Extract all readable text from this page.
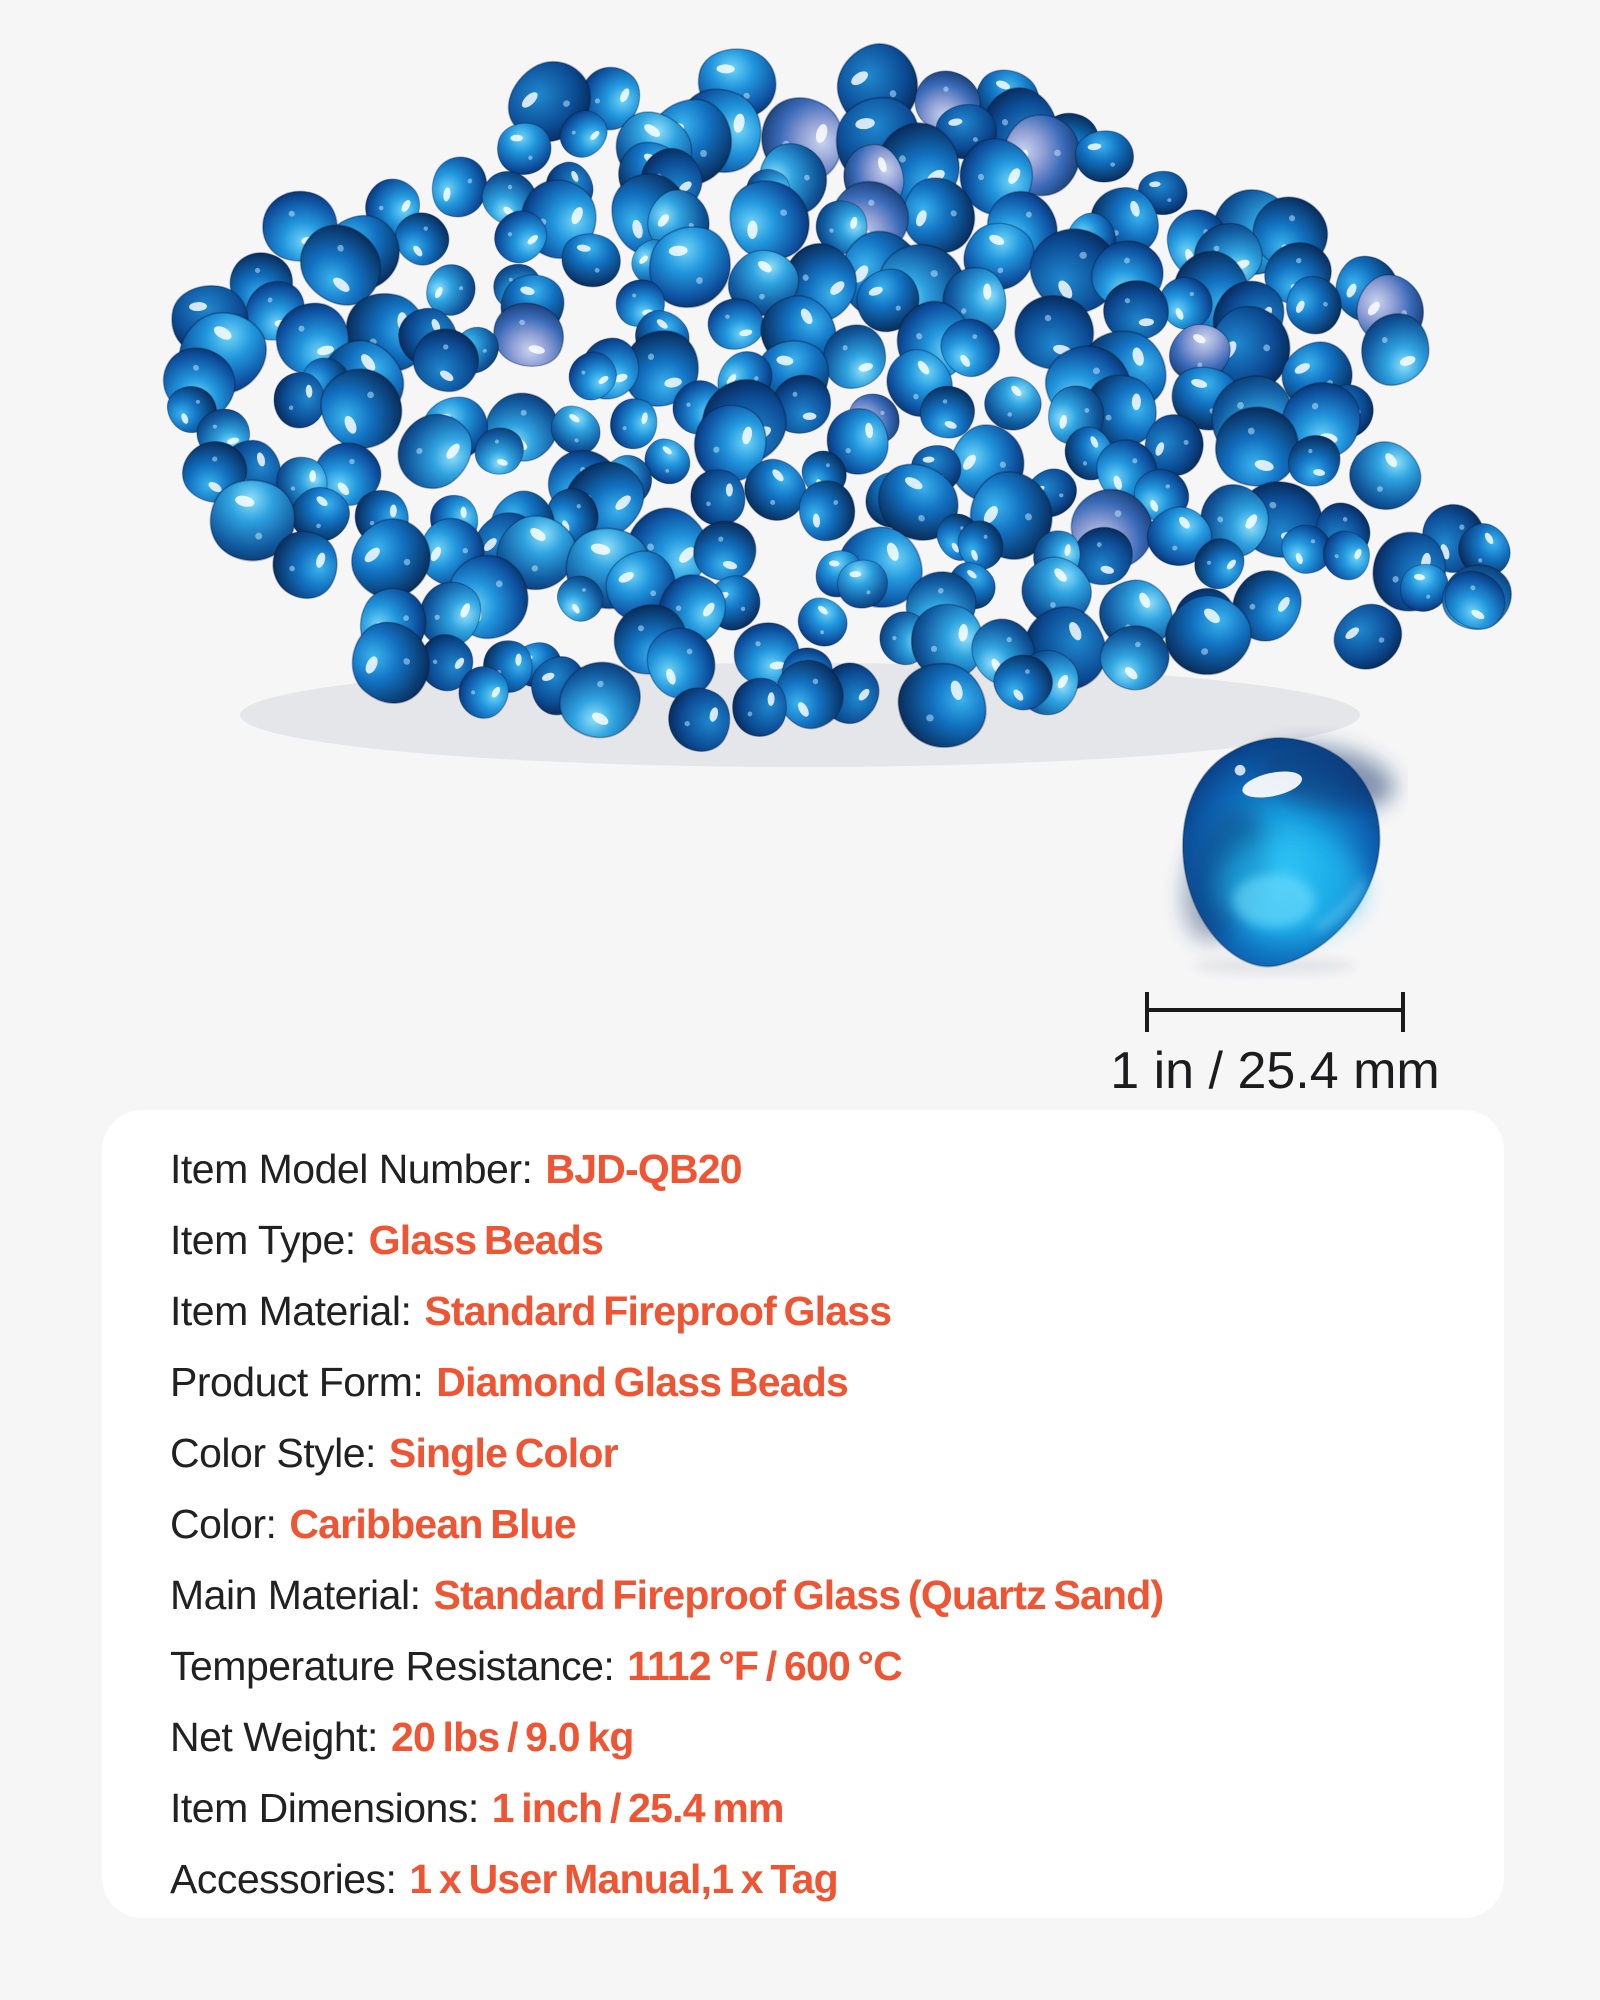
1 in / 25.4 mm
Item Model Number: BJD-QB20
Item Type: Glass Beads
Item Material: Standard Fireproof Glass
Product Form: Diamond Glass Beads
Color Style: Single Color
Color: Caribbean Blue
Main Material: Standard Fireproof Glass (Quartz Sand)
Temperature Resistance: 1112 °F / 600 °C
Net Weight: 20 lbs / 9.0 kg
Item Dimensions: 1 inch / 25.4 mm
Accessories: 1 x User Manual,1 x Tag
